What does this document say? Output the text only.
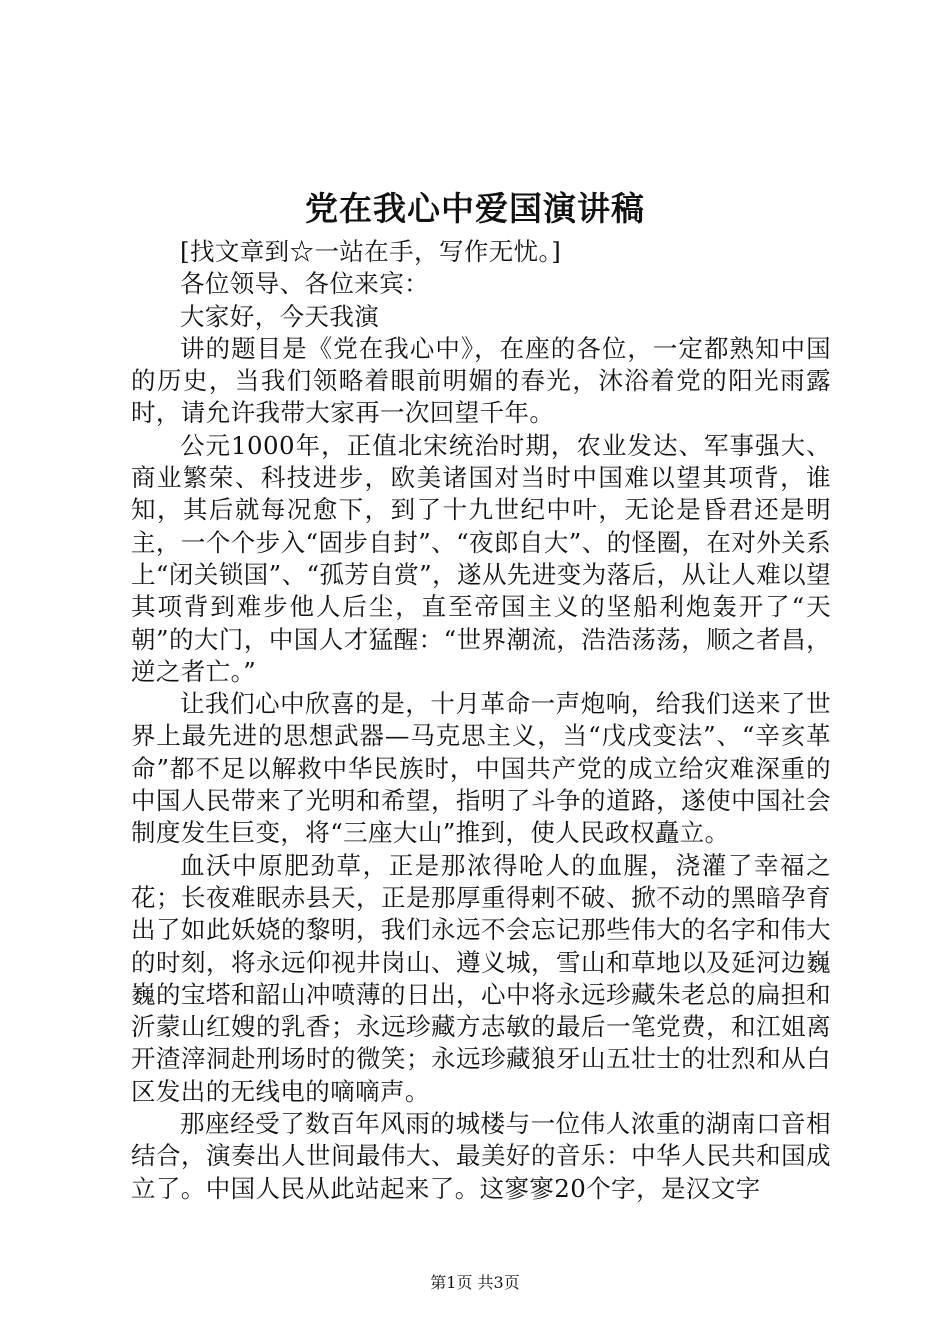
党在我心中爱国演讲稿

[找文章到☆一站在手，写作无忧。]

各位领导、各位来宾：

大家好，今天我演

讲的题目是《党在我心中》，在座的各位，一定都熟知中国的历史，当我们领略着眼前明媚的春光，沐浴着党的阳光雨露时，请允许我带大家再一次回望千年。

公元1000年，正值北宋统治时期，农业发达、军事强大、商业繁荣、科技进步，欧美诸国对当时中国难以望其项背，谁知，其后就每况愈下，到了十九世纪中叶，无论是昏君还是明主，一个个步入“固步自封”、“夜郎自大”、的怪圈，在对外关系上“闭关锁国”、“孤芳自赏”，遂从先进变为落后，从让人难以望其项背到难步他人后尘，直至帝国主义的坚船利炮轰开了“天朝”的大门，中国人才猛醒：“世界潮流，浩浩荡荡，顺之者昌，逆之者亡。”

让我们心中欣喜的是，十月革命一声炮响，给我们送来了世界上最先进的思想武器—马克思主义，当“戊戌变法”、“辛亥革命”都不足以解救中华民族时，中国共产党的成立给灾难深重的中国人民带来了光明和希望，指明了斗争的道路，遂使中国社会制度发生巨变，将“三座大山”推到，使人民政权矗立。

血沃中原肥劲草，正是那浓得呛人的血腥，浇灌了幸福之花；长夜难眠赤县天，正是那厚重得剌不破、掀不动的黑暗孕育出了如此妖娆的黎明，我们永远不会忘记那些伟大的名字和伟大的时刻，将永远仰视井岗山、遵义城，雪山和草地以及延河边巍巍的宝塔和韶山冲喷薄的日出，心中将永远珍藏朱老总的扁担和沂蒙山红嫂的乳香；永远珍藏方志敏的最后一笔党费，和江姐离开渣滓洞赴刑场时的微笑；永远珍藏狼牙山五壮士的壮烈和从白区发出的无线电的嘀嘀声。

那座经受了数百年风雨的城楼与一位伟人浓重的湖南口音相结合，演奏出人世间最伟大、最美好的音乐：中华人民共和国成立了。中国人民从此站起来了。这寥寥20个字，是汉文字

第1页 共3页
